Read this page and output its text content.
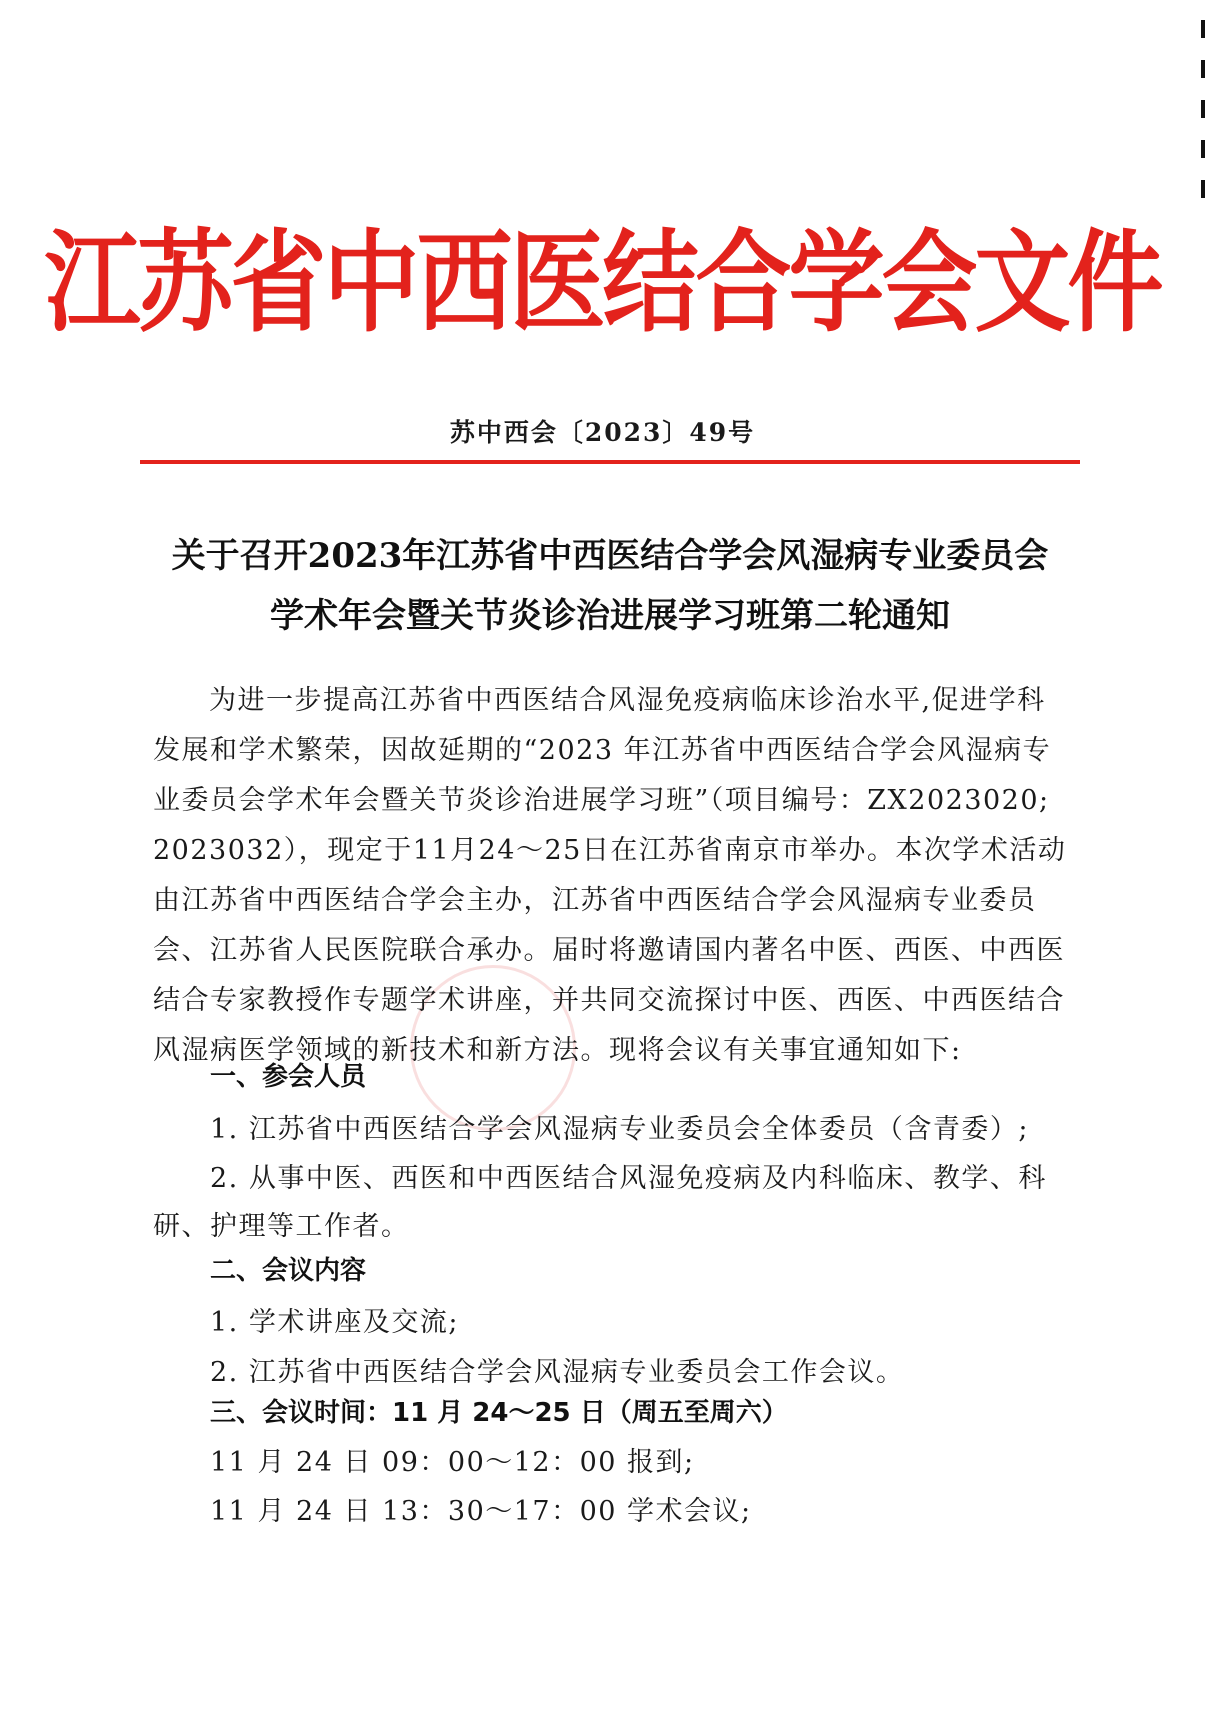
江苏省中西医结合学会文件
苏中西会〔2023〕49号
关于召开2023年江苏省中西医结合学会风湿病专业委员会
学术年会暨关节炎诊治进展学习班第二轮通知
为进一步提高江苏省中西医结合风湿免疫病临床诊治水平,促进学科
发展和学术繁荣，因故延期的“2023 年江苏省中西医结合学会风湿病专
业委员会学术年会暨关节炎诊治进展学习班”（项目编号：ZX2023020;
2023032），现定于11月24～25日在江苏省南京市举办。本次学术活动
由江苏省中西医结合学会主办，江苏省中西医结合学会风湿病专业委员
会、江苏省人民医院联合承办。届时将邀请国内著名中医、西医、中西医
结合专家教授作专题学术讲座，并共同交流探讨中医、西医、中西医结合
风湿病医学领域的新技术和新方法。现将会议有关事宜通知如下:
一、参会人员
1. 江苏省中西医结合学会风湿病专业委员会全体委员（含青委）;
2. 从事中医、西医和中西医结合风湿免疫病及内科临床、教学、科
研、护理等工作者。
二、会议内容
1. 学术讲座及交流;
2. 江苏省中西医结合学会风湿病专业委员会工作会议。
三、会议时间：11 月 24～25 日（周五至周六）
11 月 24 日 09：00～12：00 报到;
11 月 24 日 13：30～17：00 学术会议;
